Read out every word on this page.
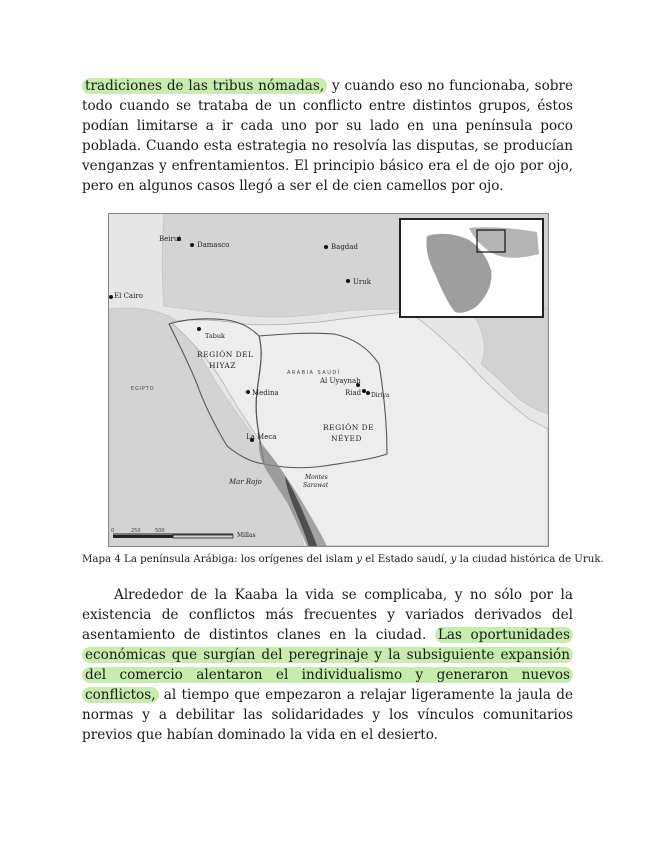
tradiciones de las tribus nómadas, y cuando eso no funcionaba, sobre todo cuando se trataba de un conflicto entre distintos grupos, éstos podían limitarse a ir cada uno por su lado en una península poco poblada. Cuando esta estrategia no resolvía las disputas, se producían venganzas y enfrentamientos. El principio básico era el de ojo por ojo, pero en algunos casos llegó a ser el de cien camellos por ojo.

Beirut
Damasco	Bagdad
Uruk
El Cairo
Tabuk
Medina
La Meca
Al Uyaynah
Riad Diriya
REGIÓN DEL
HIYAZ
REGIÓN DE
NÉYED
ARABIA SAUDÍ
EGIPTO
Montes
Sarawat
Mar Rojo
0	250	500
Millas

Mapa 4 La península Arábiga: los orígenes del islam y el Estado saudí, y la ciudad histórica de Uruk.

Alrededor de la Kaaba la vida se complicaba, y no sólo por la existencia de conflictos más frecuentes y variados derivados del asentamiento de distintos clanes en la ciudad. Las oportunidades económicas que surgían del peregrinaje y la subsiguiente expansión del comercio alentaron el individualismo y generaron nuevos conflictos, al tiempo que empezaron a relajar ligeramente la jaula de normas y a debilitar las solidaridades y los vínculos comunitarios previos que habían dominado la vida en el desierto.
